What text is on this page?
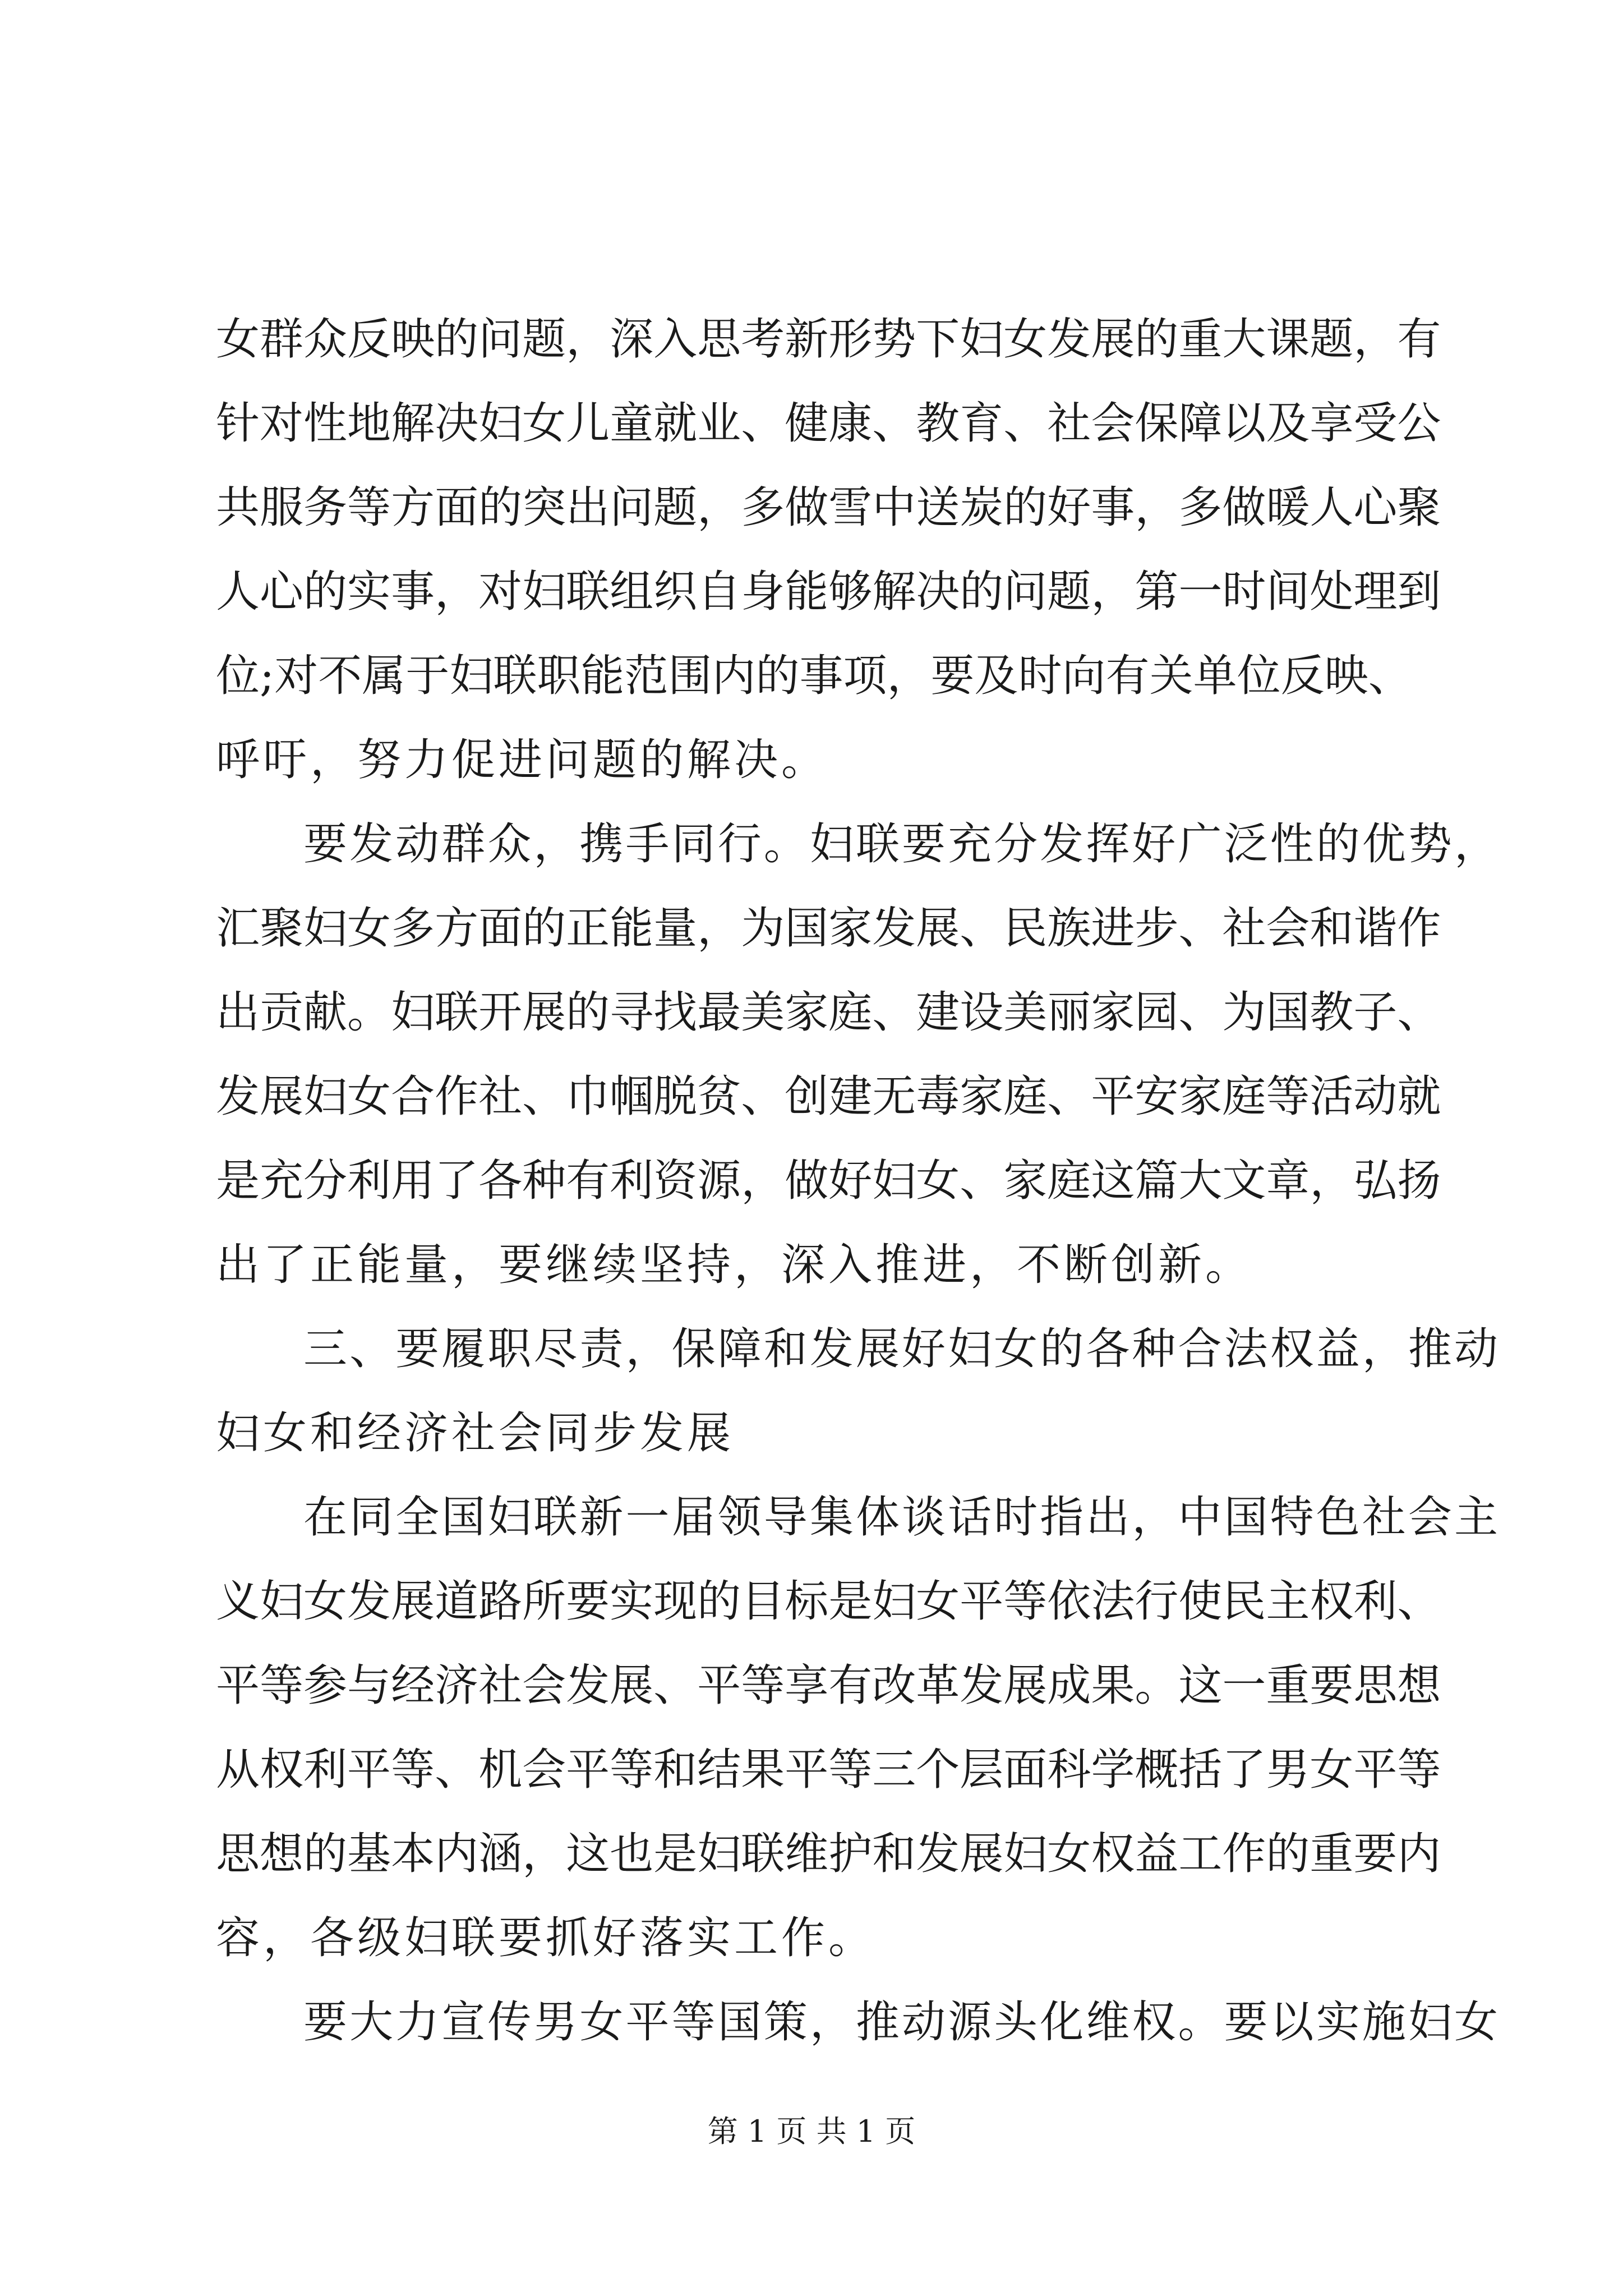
女 群 众 反 映 的 问 题 ， 深 入 思 考 新 形 势 下 妇 女 发 展 的 重 大 课 题 ， 有
针 对 性 地 解 决 妇 女 儿 童 就 业 、 健 康 、 教 育 、 社 会 保 障 以 及 享 受 公
共 服 务 等 方 面 的 突 出 问 题 ， 多 做 雪 中 送 炭 的 好 事 ， 多 做 暖 人 心 聚
人 心 的 实 事 ， 对 妇 联 组 织 自 身 能 够 解 决 的 问 题 ， 第 一 时 间 处 理 到
位 ; 对 不 属 于 妇 联 职 能 范 围 内 的 事 项 ， 要 及 时 向 有 关 单 位 反 映 、
呼吁，努力促进问题的解决。
要 发 动 群 众 ， 携 手 同 行 。 妇 联 要 充 分 发 挥 好 广 泛 性 的 优 势 ，
汇 聚 妇 女 多 方 面 的 正 能 量 ， 为 国 家 发 展 、 民 族 进 步 、 社 会 和 谐 作
出 贡 献 。 妇 联 开 展 的 寻 找 最 美 家 庭 、 建 设 美 丽 家 园 、 为 国 教 子 、
发 展 妇 女 合 作 社 、 巾 帼 脱 贫 、 创 建 无 毒 家 庭 、 平 安 家 庭 等 活 动 就
是 充 分 利 用 了 各 种 有 利 资 源 ， 做 好 妇 女 、 家 庭 这 篇 大 文 章 ， 弘 扬
出了正能量，要继续坚持，深入推进，不断创新。
三 、 要 履 职 尽 责 ， 保 障 和 发 展 好 妇 女 的 各 种 合 法 权 益 ， 推 动
妇女和经济社会同步发展
在 同 全 国 妇 联 新 一 届 领 导 集 体 谈 话 时 指 出 ， 中 国 特 色 社 会 主
义 妇 女 发 展 道 路 所 要 实 现 的 目 标 是 妇 女 平 等 依 法 行 使 民 主 权 利 、
平 等 参 与 经 济 社 会 发 展 、 平 等 享 有 改 革 发 展 成 果 。 这 一 重 要 思 想
从 权 利 平 等 、 机 会 平 等 和 结 果 平 等 三 个 层 面 科 学 概 括 了 男 女 平 等
思 想 的 基 本 内 涵 ， 这 也 是 妇 联 维 护 和 发 展 妇 女 权 益 工 作 的 重 要 内
容，各级妇联要抓好落实工作。
要 大 力 宣 传 男 女 平 等 国 策 ， 推 动 源 头 化 维 权 。 要 以 实 施 妇 女
第 1 页 共 1 页
